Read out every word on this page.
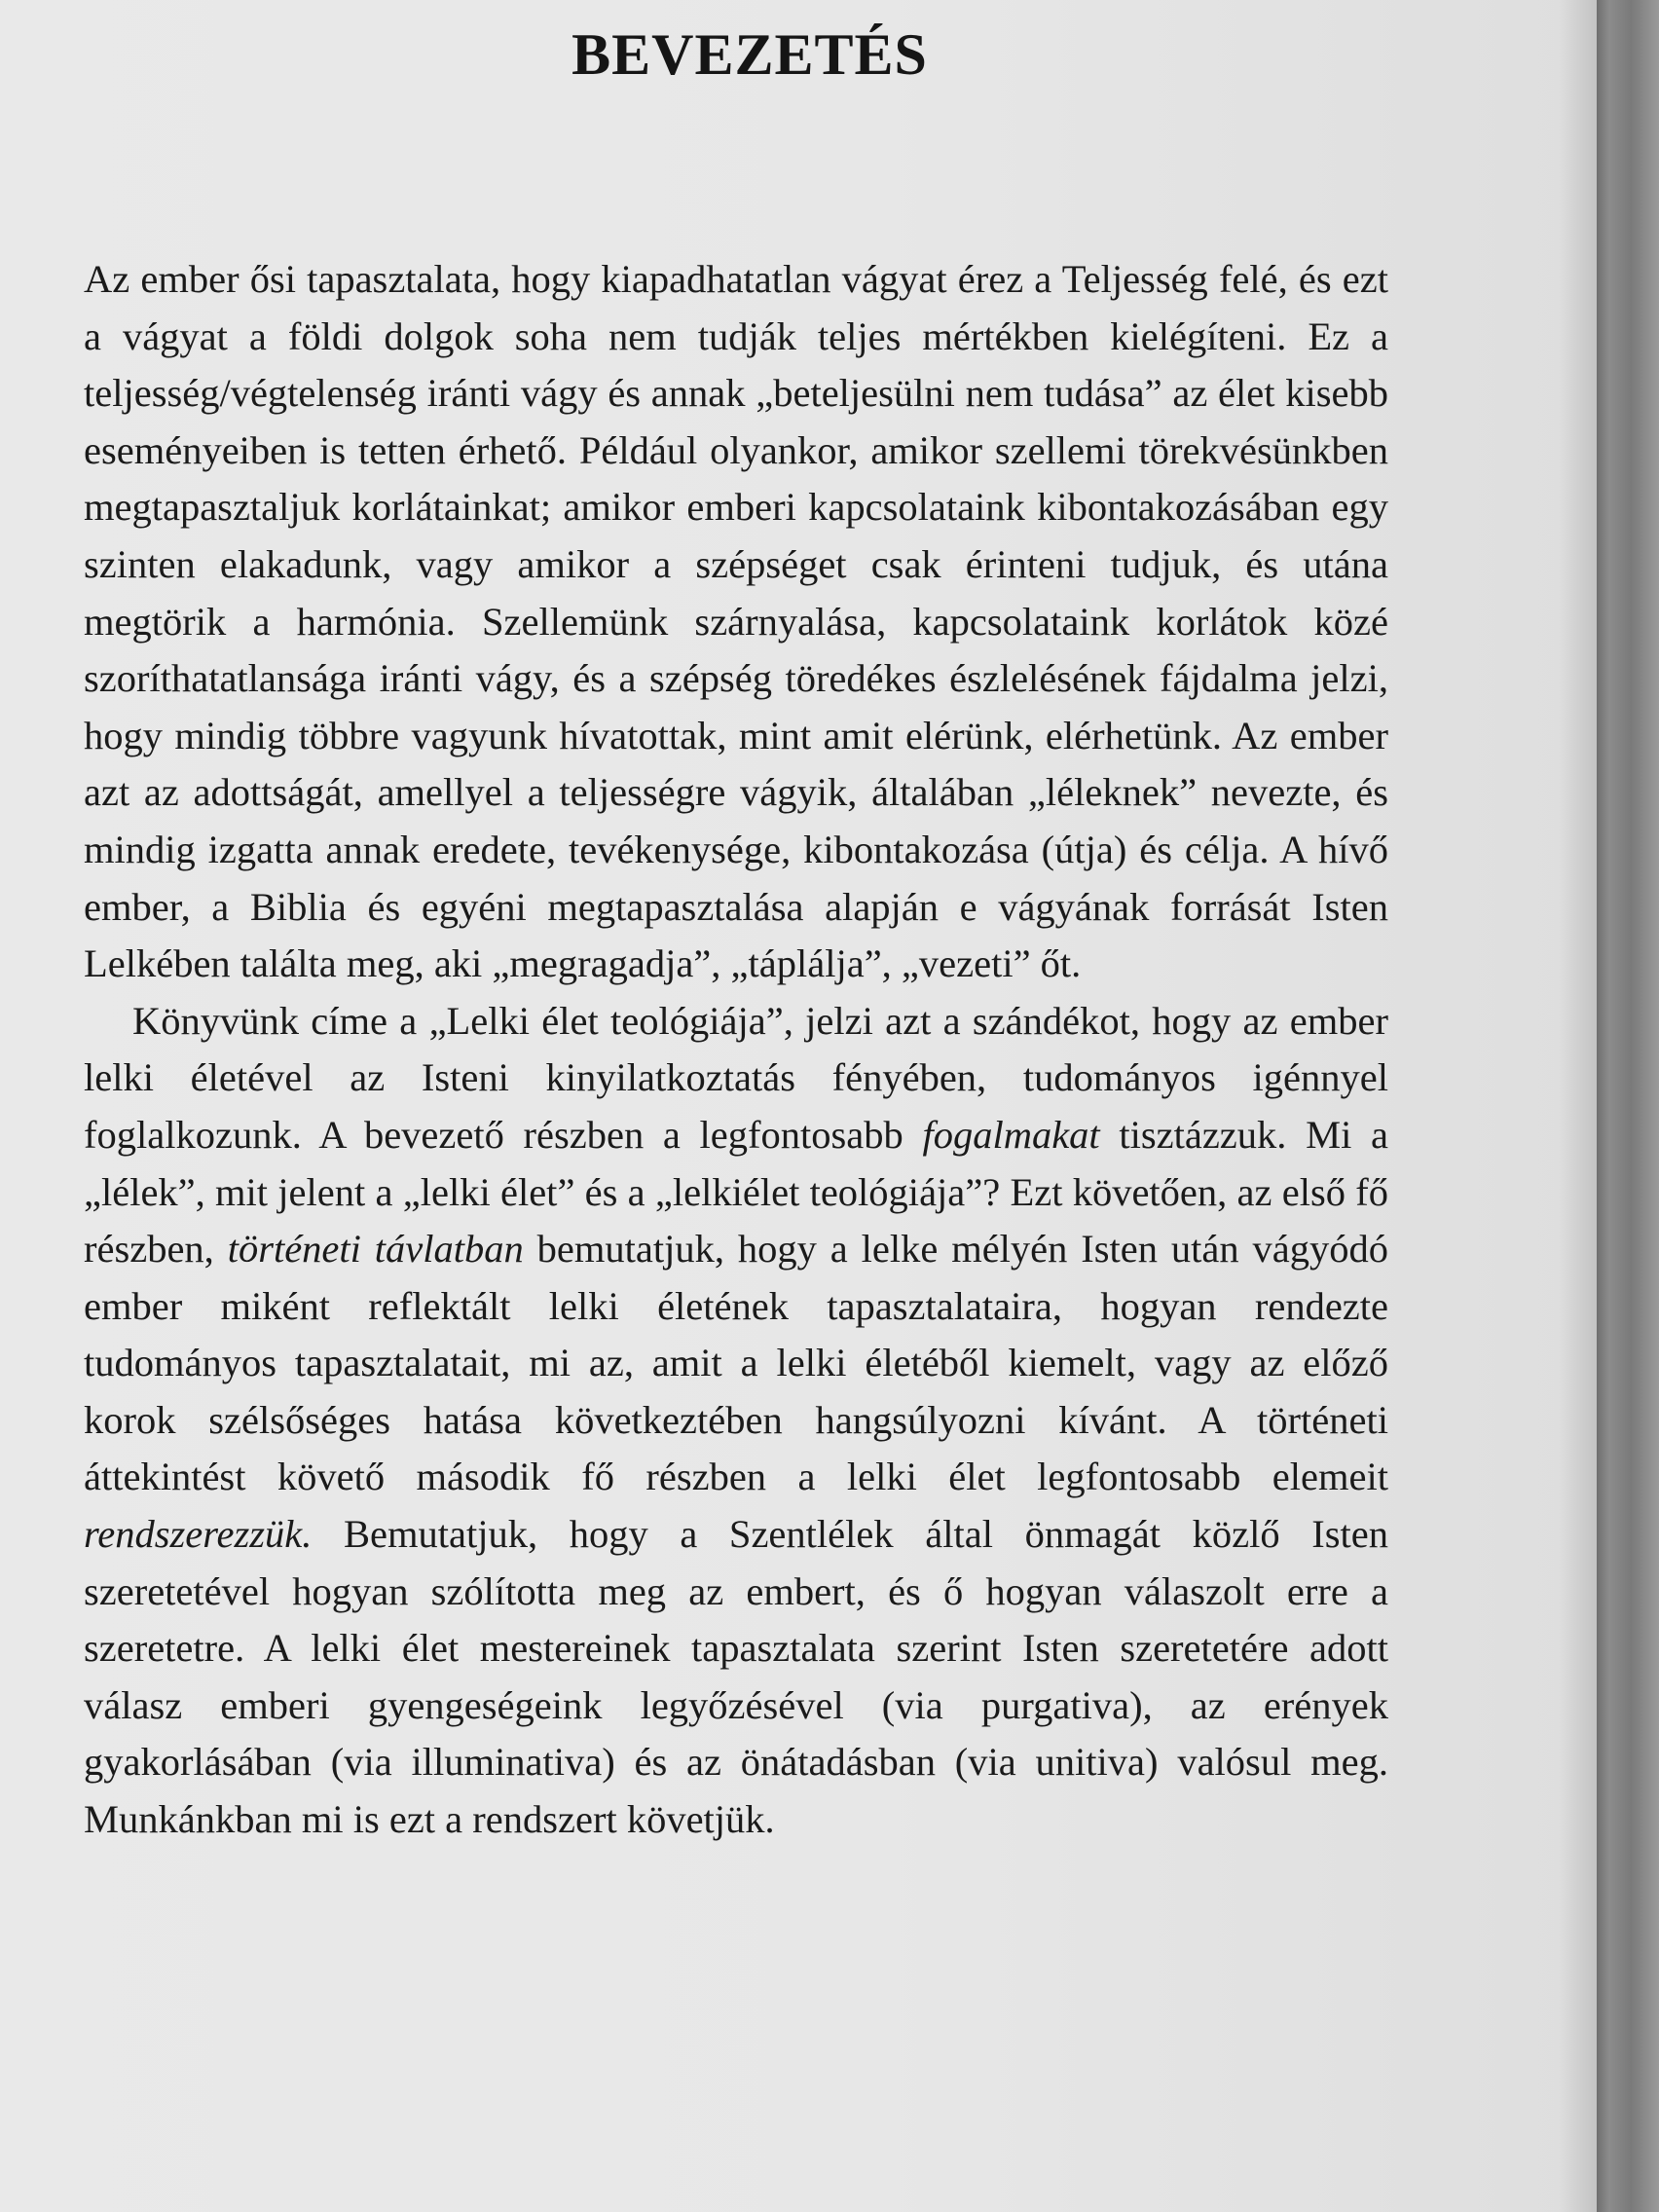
BEVEZETÉS

Az ember ősi tapasztalata, hogy kiapadhatatlan vágyat érez a Teljesség felé, és ezt a vágyat a földi dolgok soha nem tudják teljes mértékben kielégíteni. Ez a teljesség/végtelenség iránti vágy és annak „beteljesülni nem tudása” az élet kisebb eseményeiben is tetten érhető. Például olyankor, amikor szellemi törekvésünkben megtapasztaljuk korlátainkat; amikor emberi kapcsolataink kibontakozásában egy szinten elakadunk, vagy amikor a szépséget csak érinteni tudjuk, és utána megtörik a harmónia. Szellemünk szárnyalása, kapcsolataink korlátok közé szoríthatatlansága iránti vágy, és a szépség töredékes észlelésének fájdalma jelzi, hogy mindig többre vagyunk hívatottak, mint amit elérünk, elérhetünk. Az ember azt az adottságát, amellyel a teljességre vágyik, általában „léleknek” nevezte, és mindig izgatta annak eredete, tevékenysége, kibontakozása (útja) és célja. A hívő ember, a Biblia és egyéni megtapasztalása alapján e vágyának forrását Isten Lelkében találta meg, aki „megragadja”, „táplálja”, „vezeti” őt.

Könyvünk címe a „Lelki élet teológiája”, jelzi azt a szándékot, hogy az ember lelki életével az Isteni kinyilatkoztatás fényében, tudományos igénnyel foglalkozunk. A bevezető részben a legfontosabb fogalmakat tisztázzuk. Mi a „lélek”, mit jelent a „lelki élet” és a „lelkiélet teológiája”? Ezt követően, az első fő részben, történeti távlatban bemutatjuk, hogy a lelke mélyén Isten után vágyódó ember miként reflektált lelki életének tapasztalataira, hogyan rendezte tudományos tapasztalatait, mi az, amit a lelki életéből kiemelt, vagy az előző korok szélsőséges hatása következtében hangsúlyozni kívánt. A történeti áttekintést követő második fő részben a lelki élet legfontosabb elemeit rendszerezzük. Bemutatjuk, hogy a Szentlélek által önmagát közlő Isten szeretetével hogyan szólította meg az embert, és ő hogyan válaszolt erre a szeretetre. A lelki élet mestereinek tapasztalata szerint Isten szeretetére adott válasz emberi gyengeségeink legyőzésével (via purgativa), az erények gyakorlásában (via illuminativa) és az önátadásban (via unitiva) valósul meg. Munkánkban mi is ezt a rendszert követjük.
